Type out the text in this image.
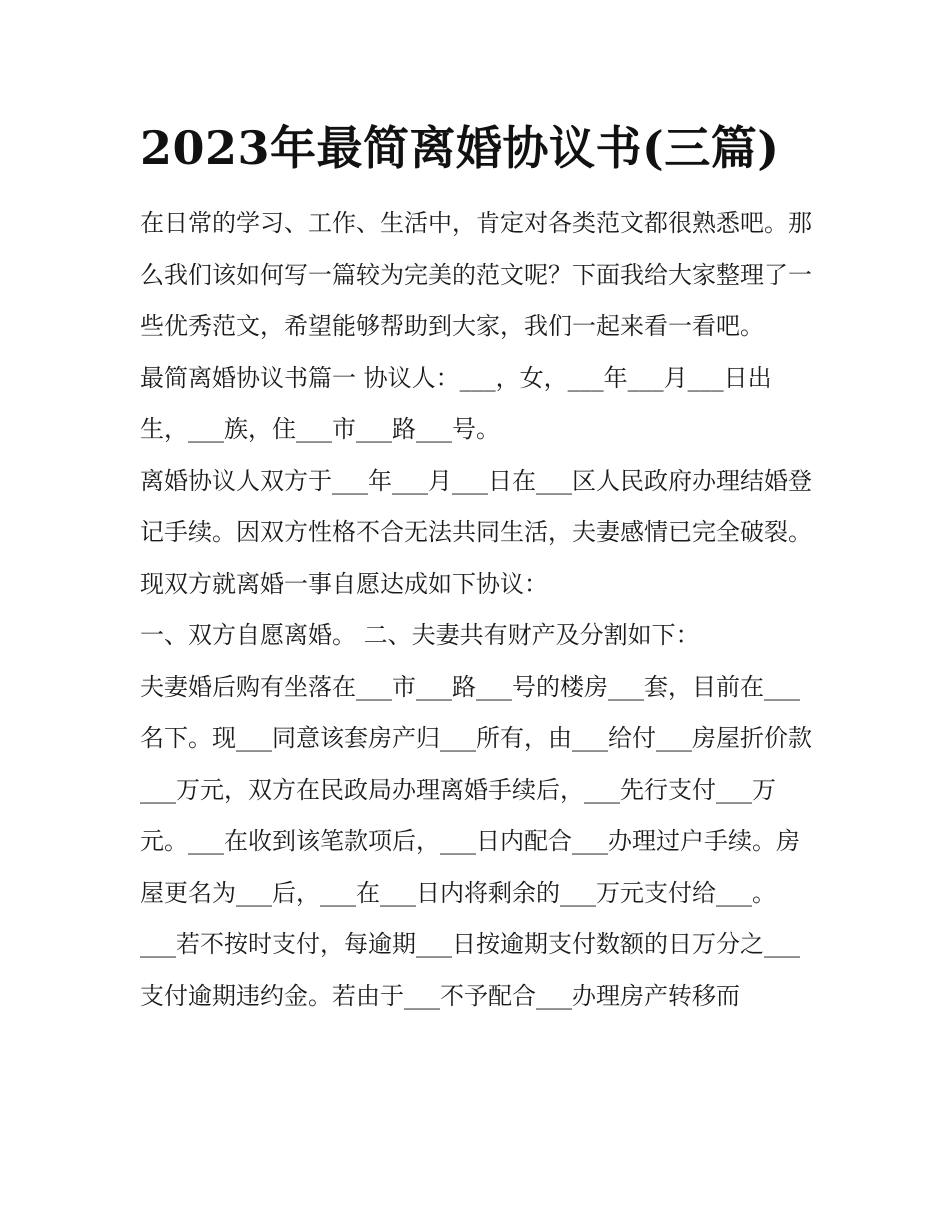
2023年最简离婚协议书(三篇)

在日常的学习、工作、生活中，肯定对各类范文都很熟悉吧。那么我们该如何写一篇较为完美的范文呢？下面我给大家整理了一些优秀范文，希望能够帮助到大家，我们一起来看一看吧。

最简离婚协议书篇一 协议人：___，女，___年___月___日出生，___族，住___市___路___号。

离婚协议人双方于___年___月___日在___区人民政府办理结婚登记手续。因双方性格不合无法共同生活，夫妻感情已完全破裂。现双方就离婚一事自愿达成如下协议：

一、双方自愿离婚。 二、夫妻共有财产及分割如下：

夫妻婚后购有坐落在___市___路___号的楼房___套，目前在___名下。现___同意该套房产归___所有，由___给付___房屋折价款___万元，双方在民政局办理离婚手续后，___先行支付___万元。___在收到该笔款项后，___日内配合___办理过户手续。房屋更名为___后，___在___日内将剩余的___万元支付给___。

___若不按时支付，每逾期___日按逾期支付数额的日万分之___支付逾期违约金。若由于___不予配合___办理房产转移而
